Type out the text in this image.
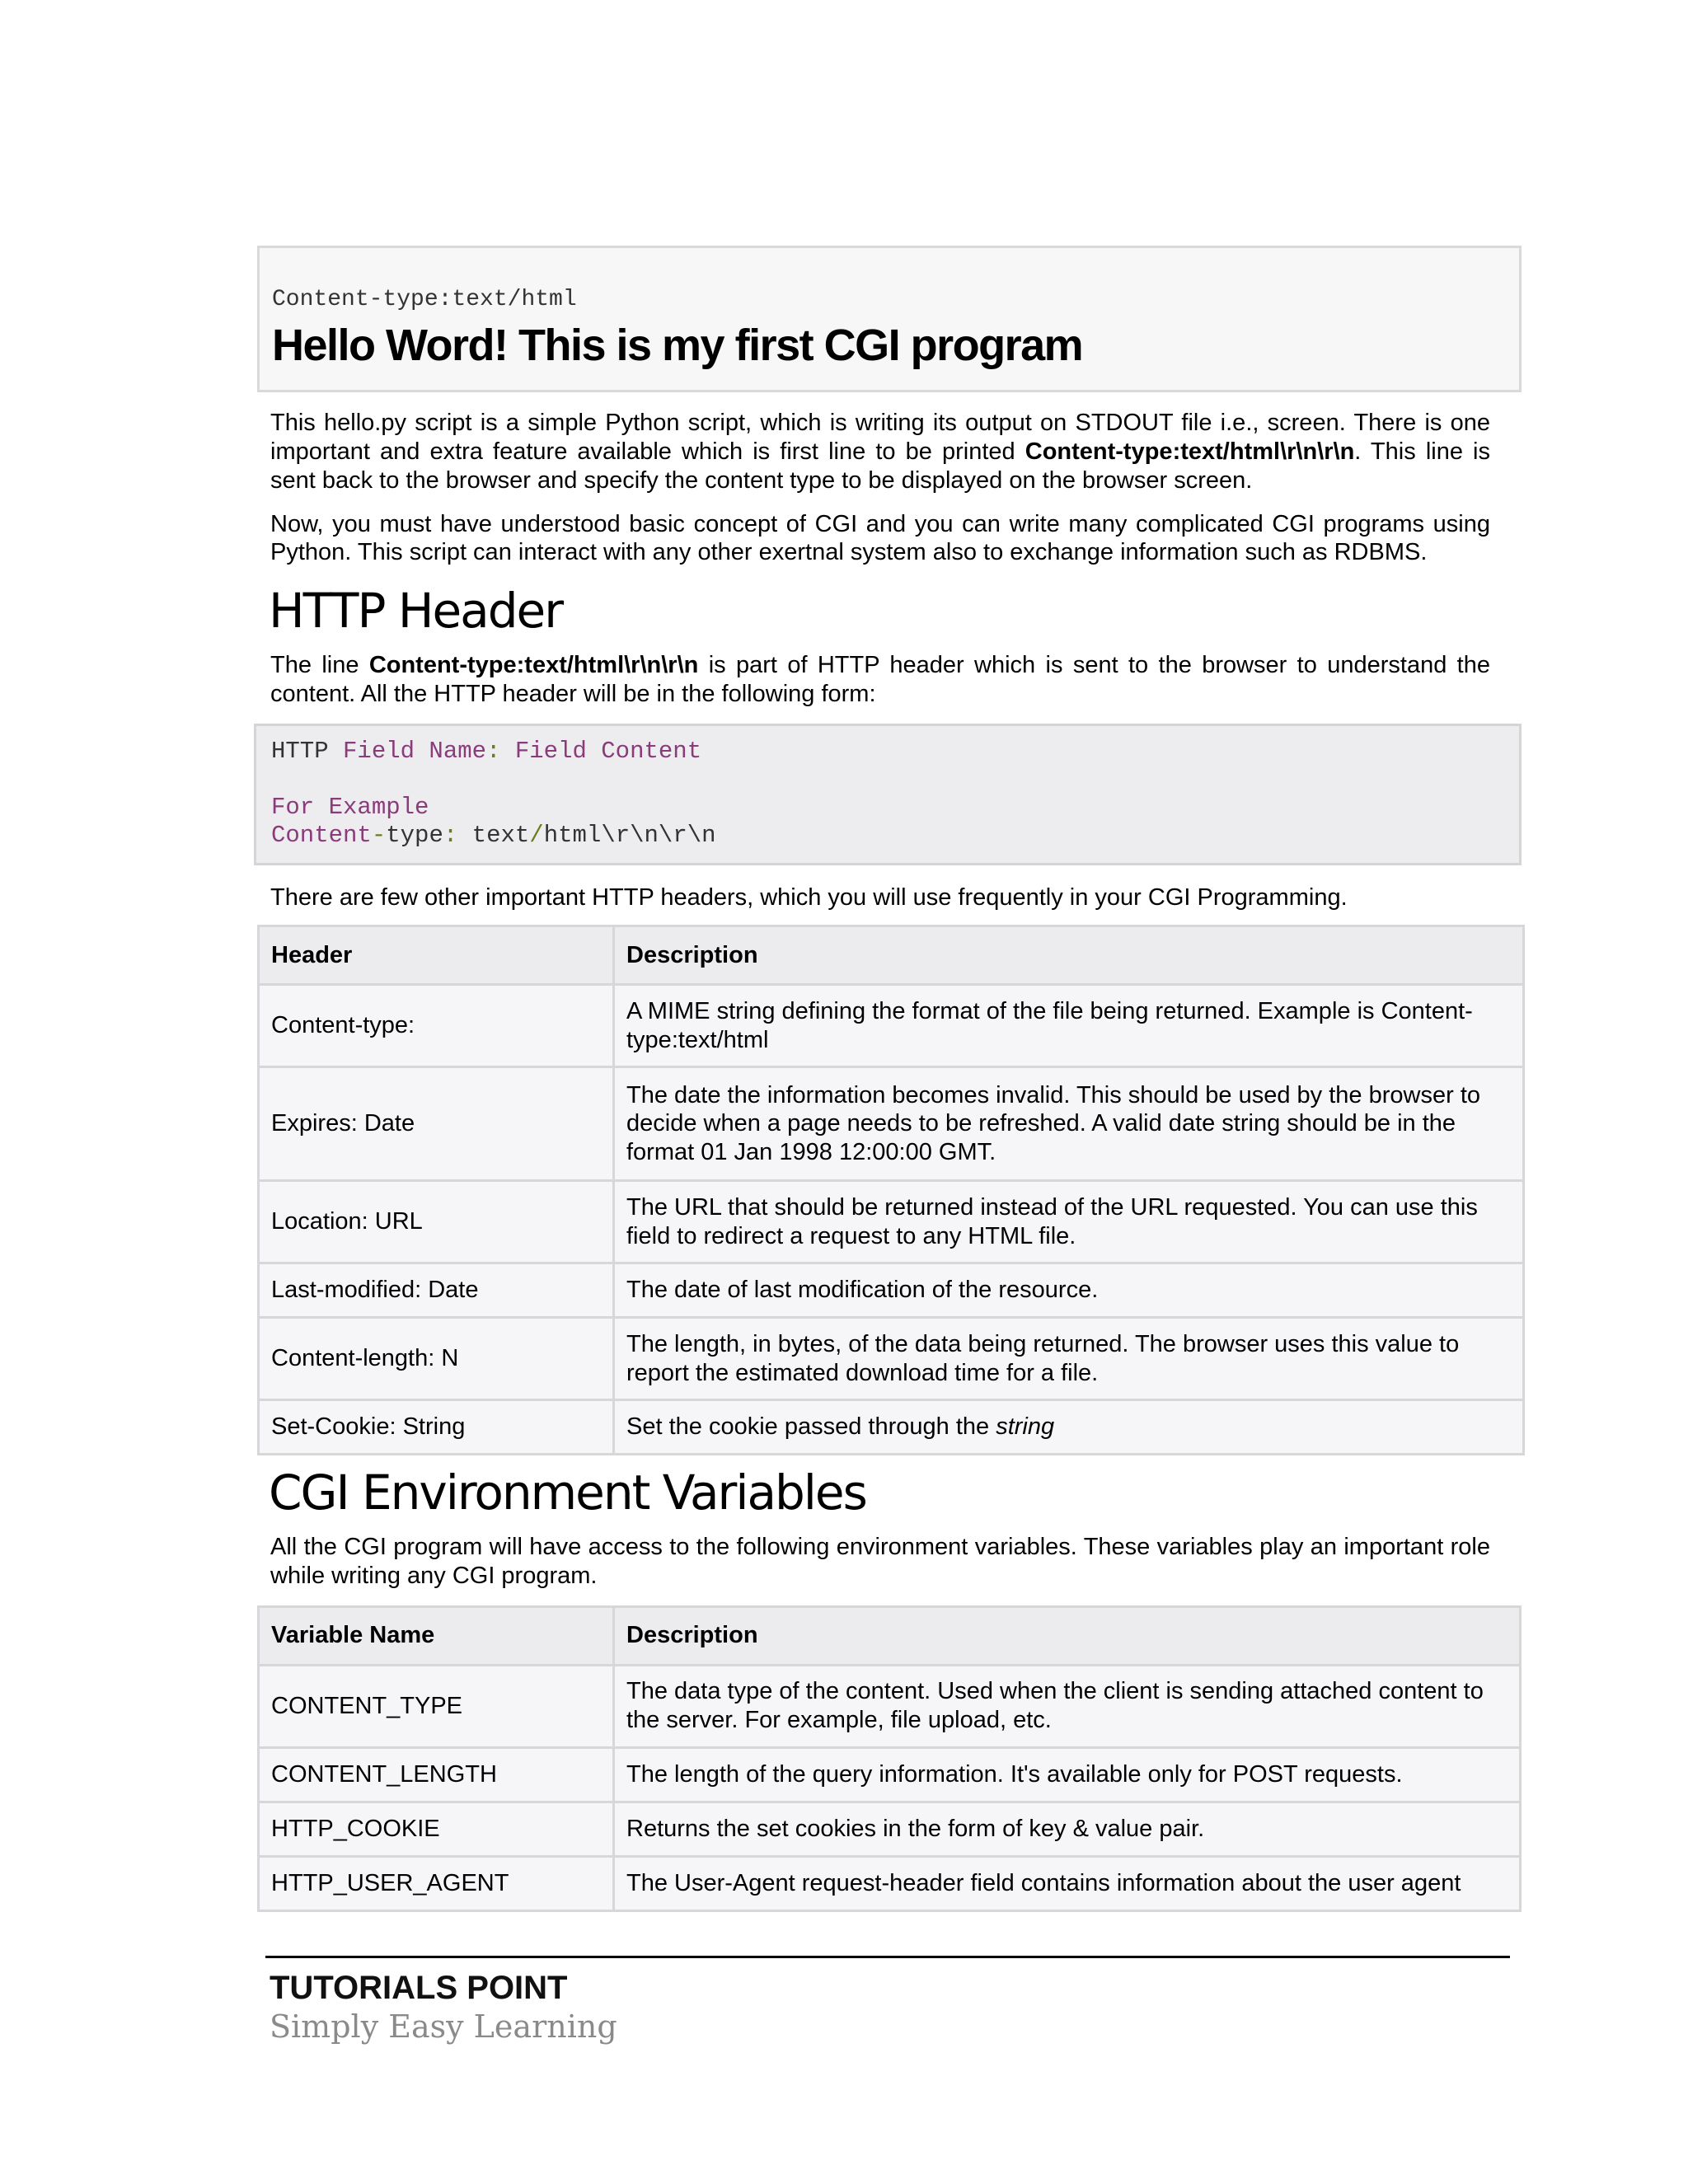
Content-type:text/html
Hello Word! This is my first CGI program

This hello.py script is a simple Python script, which is writing its output on STDOUT file i.e., screen. There is one important and extra feature available which is first line to be printed Content-type:text/html\r\n\r\n. This line is sent back to the browser and specify the content type to be displayed on the browser screen.

Now, you must have understood basic concept of CGI and you can write many complicated CGI programs using Python. This script can interact with any other exertnal system also to exchange information such as RDBMS.

HTTP Header

The line Content-type:text/html\r\n\r\n is part of HTTP header which is sent to the browser to understand the content. All the HTTP header will be in the following form:

HTTP Field Name: Field ContentFor Example
Content-type: text/html\r\n\r\n

There are few other important HTTP headers, which you will use frequently in your CGI Programming.

Header	Description
Content-type:	A MIME string defining the format of the file being returned. Example is Content-type:text/html
Expires: Date	The date the information becomes invalid. This should be used by the browser to decide when a page needs to be refreshed. A valid date string should be in the format 01 Jan 1998 12:00:00 GMT.
Location: URL	The URL that should be returned instead of the URL requested. You can use this field to redirect a request to any HTML file.
Last-modified: Date	The date of last modification of the resource.
Content-length: N	The length, in bytes, of the data being returned. The browser uses this value to report the estimated download time for a file.
Set-Cookie: String	Set the cookie passed through the string
CGI Environment Variables

All the CGI program will have access to the following environment variables. These variables play an important role while writing any CGI program.

Variable Name	Description
CONTENT_TYPE	The data type of the content. Used when the client is sending attached content to the server. For example, file upload, etc.
CONTENT_LENGTH	The length of the query information. It's available only for POST requests.
HTTP_COOKIE	Returns the set cookies in the form of key & value pair.
HTTP_USER_AGENT	The User-Agent request-header field contains information about the user agent
TUTORIALS POINT
Simply Easy Learning
